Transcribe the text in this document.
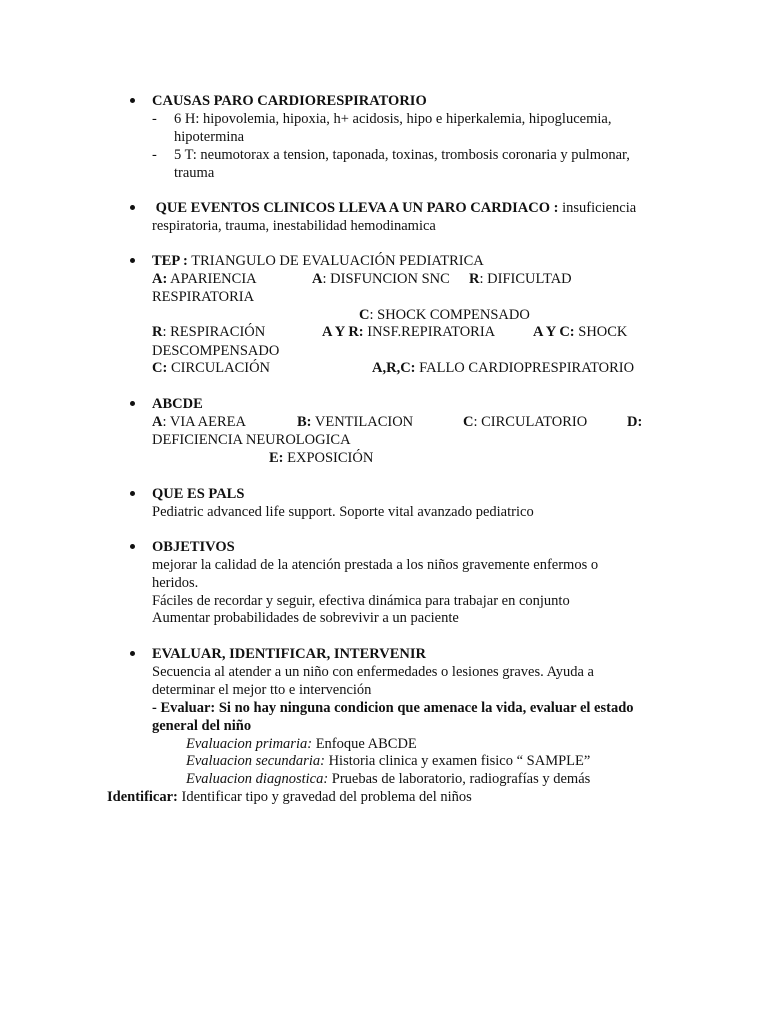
CAUSAS PARO CARDIORESPIRATORIO
- 6 H: hipovolemia, hipoxia, h+ acidosis, hipo e hiperkalemia, hipoglucemia,
hipotermina
- 5 T: neumotorax a tension, taponada, toxinas, trombosis coronaria y pulmonar,
trauma
QUE EVENTOS CLINICOS LLEVA A UN PARO CARDIACO : insuficiencia
respiratoria, trauma, inestabilidad hemodinamica
TEP : TRIANGULO DE EVALUACIÓN PEDIATRICA
A: APARIENCIA	A: DISFUNCION SNC R: DIFICULTAD
RESPIRATORIA
C: SHOCK COMPENSADO
R: RESPIRACIÓN	A Y R: INSF.REPIRATORIA	A Y C: SHOCK
DESCOMPENSADO
C: CIRCULACIÓN	A,R,C: FALLO CARDIOPRESPIRATORIO
ABCDE
A: VIA AEREA	B: VENTILACION	C: CIRCULATORIO	D:
DEFICIENCIA NEUROLOGICA
E: EXPOSICIÓN
QUE ES PALS
Pediatric advanced life support. Soporte vital avanzado pediatrico
OBJETIVOS
mejorar la calidad de la atención prestada a los niños gravemente enfermos o
heridos.
Fáciles de recordar y seguir, efectiva dinámica para trabajar en conjunto
Aumentar probabilidades de sobrevivir a un paciente
EVALUAR, IDENTIFICAR, INTERVENIR
Secuencia al atender a un niño con enfermedades o lesiones graves. Ayuda a
determinar el mejor tto e intervención
- Evaluar: Si no hay ninguna condicion que amenace la vida, evaluar el estado
general del niño
Evaluacion primaria: Enfoque ABCDE
Evaluacion secundaria: Historia clinica y examen fisico “ SAMPLE”
Evaluacion diagnostica: Pruebas de laboratorio, radiografías y demás
Identificar: Identificar tipo y gravedad del problema del niños
